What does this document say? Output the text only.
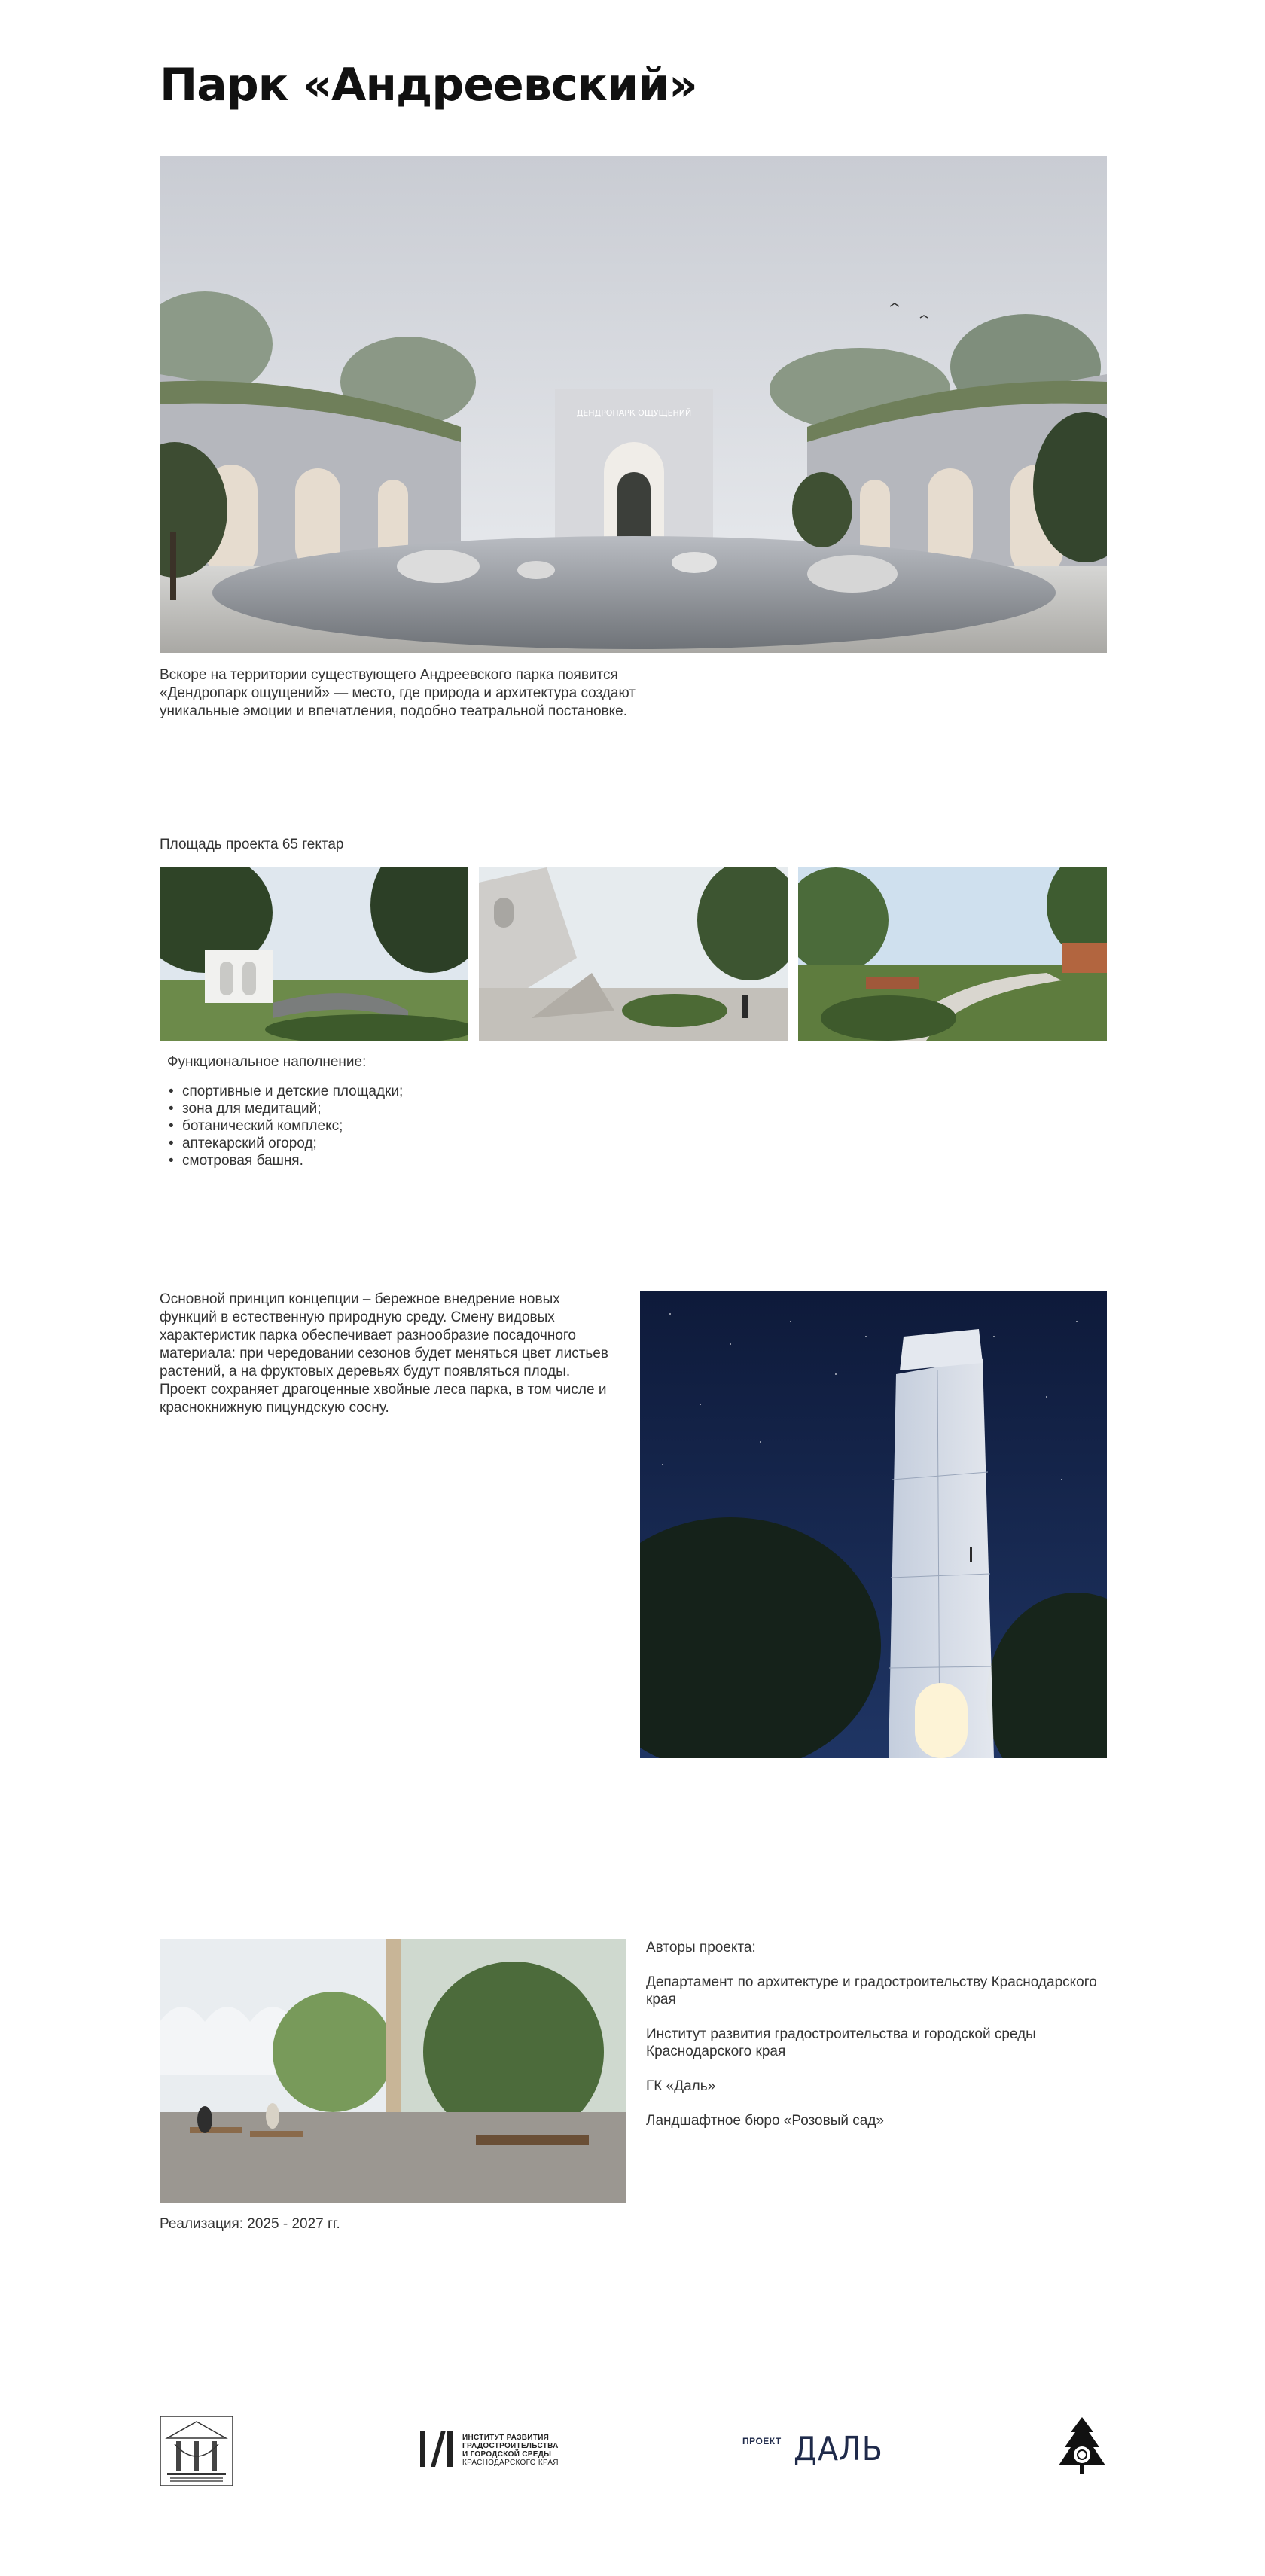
Парк «Андреевский»
ДЕНДРОПАРК ОЩУЩЕНИЙ

Вскоре на территории существующего Андреевского парка появится «Дендропарк ощущений» — место, где природа и архитектура создают уникальные эмоции и впечатления, подобно театральной постановке.

Площадь проекта 65 гектар

Функциональное наполнение:

• спортивные и детские площадки;
• зона для медитаций;
• ботанический комплекс;
• аптекарский огород;
• смотровая башня.

Основной принцип концепции – бережное внедрение новых функций в естественную природную среду. Смену видовых характеристик парка обеспечивает разнообразие посадочного материала: при чередовании сезонов будет меняться цвет листьев растений, а на фруктовых деревьях будут появляться плоды. Проект сохраняет драгоценные хвойные леса парка, в том числе и краснокнижную пицундскую сосну.

Авторы проекта:

Департамент по архитектуре и градостроительству Краснодарского края

Институт развития градостроительства и городской среды Краснодарского края

ГК «Даль»

Ландшафтное бюро «Розовый сад»

Реализация: 2025 - 2027 гг.

ИНСТИТУТ РАЗВИТИЯ
ГРАДОСТРОИТЕЛЬСТВА
И ГОРОДСКОЙ СРЕДЫ
КРАСНОДАРСКОГО КРАЯ
ПРОЕКТ ДАЛЬ
